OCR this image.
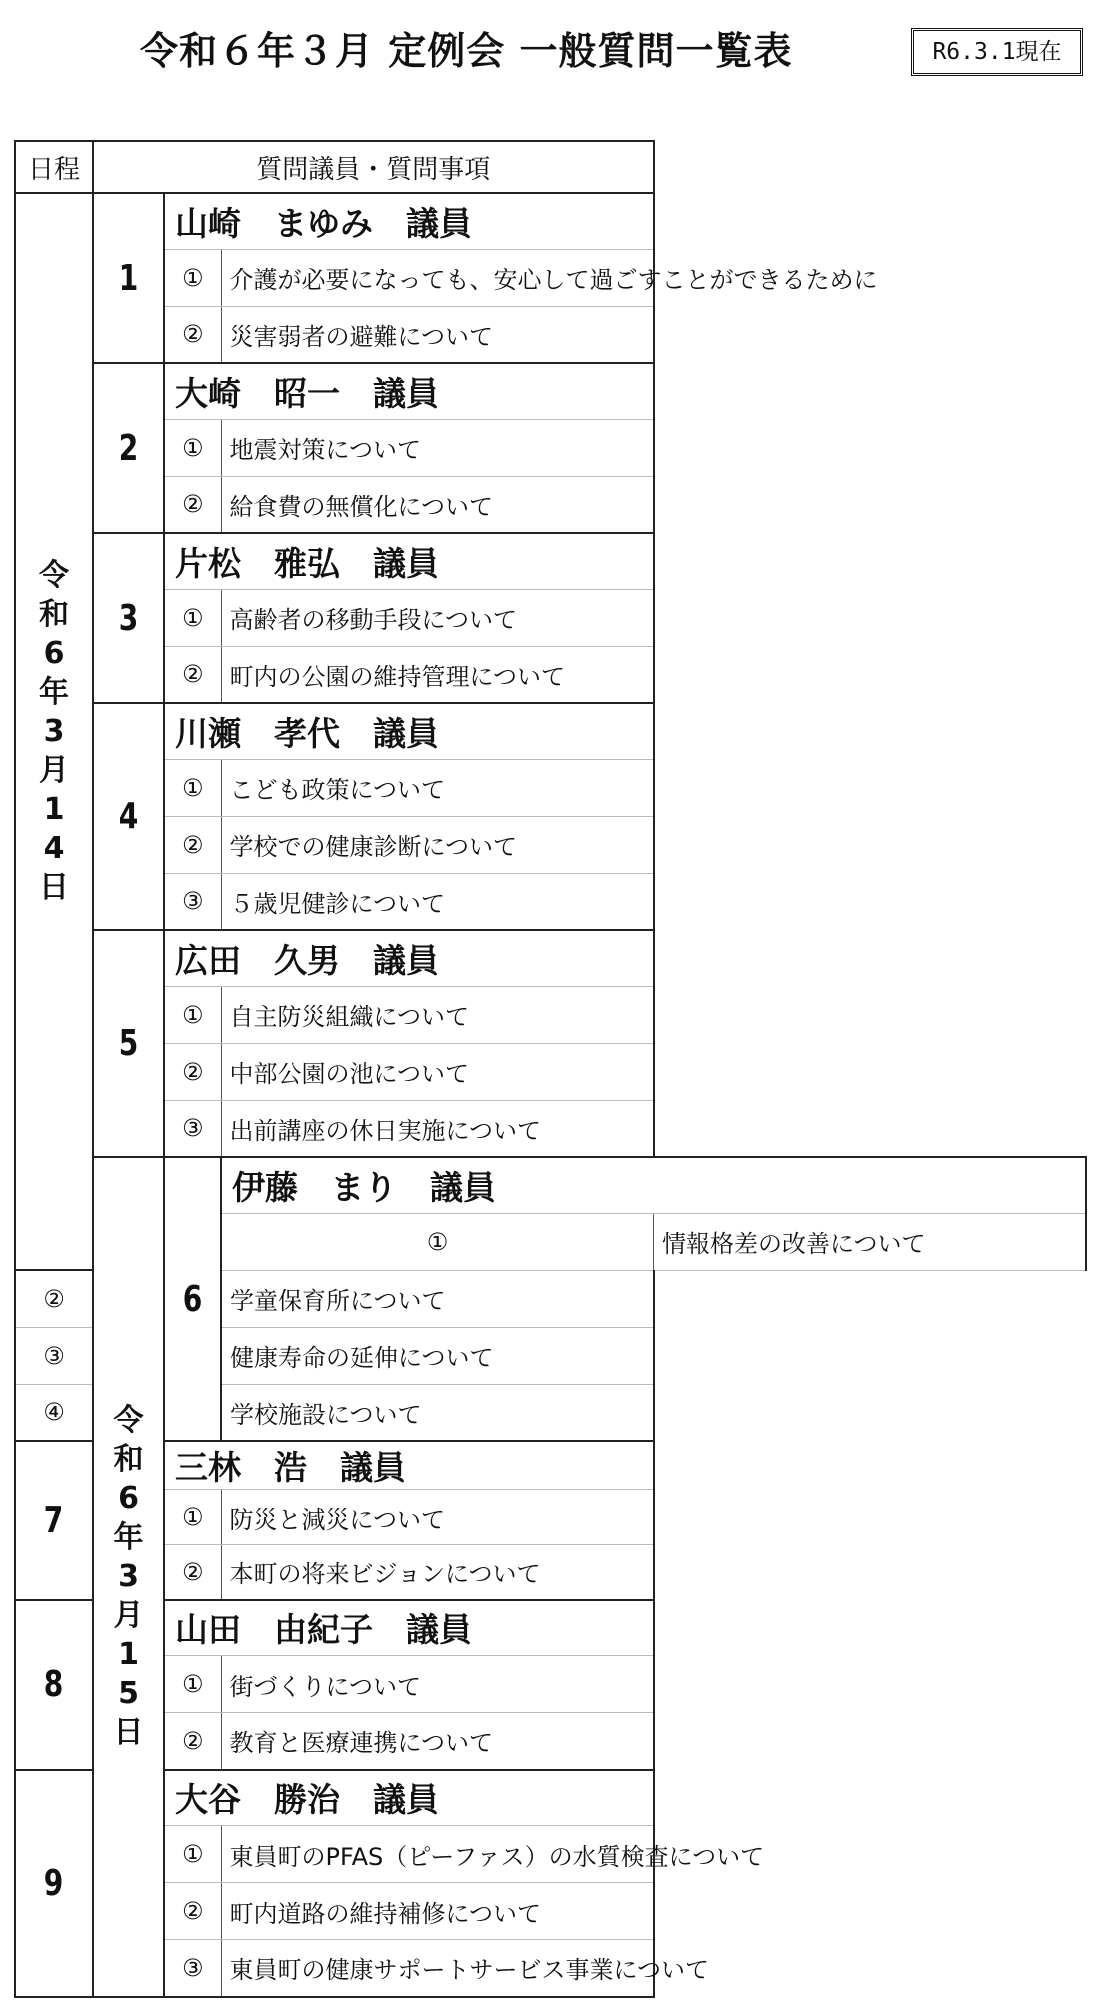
令和６年３月 定例会 一般質問一覧表	R6.3.1現在
日程	質問議員・質問事項			
令和6年3月14日	1	山崎　まゆみ　議員		
		①	介護が必要になっても、安心して過ごすことができるために	
		②	災害弱者の避難について	
	2	大崎　昭一　議員		
		①	地震対策について	
		②	給食費の無償化について	
	3	片松　雅弘　議員		
		①	高齢者の移動手段について	
		②	町内の公園の維持管理について	
	4	川瀬　孝代　議員		
		①	こども政策について	
		②	学校での健康診断について	
		③	５歳児健診について	
	5	広田　久男　議員		
		①	自主防災組織について	
		②	中部公園の池について	
		③	出前講座の休日実施について	
	令和6年3月15日	6	伊藤　まり　議員	
			①	情報格差の改善について
②			学童保育所について	
③			健康寿命の延伸について	
④			学校施設について	
7		三林　浩　議員		
		①	防災と減災について	
		②	本町の将来ビジョンについて	
8		山田　由紀子　議員		
		①	街づくりについて	
		②	教育と医療連携について	
9		大谷　勝治　議員		
		①	東員町のPFAS（ピーファス）の水質検査について	
		②	町内道路の維持補修について	
		③	東員町の健康サポートサービス事業について	
